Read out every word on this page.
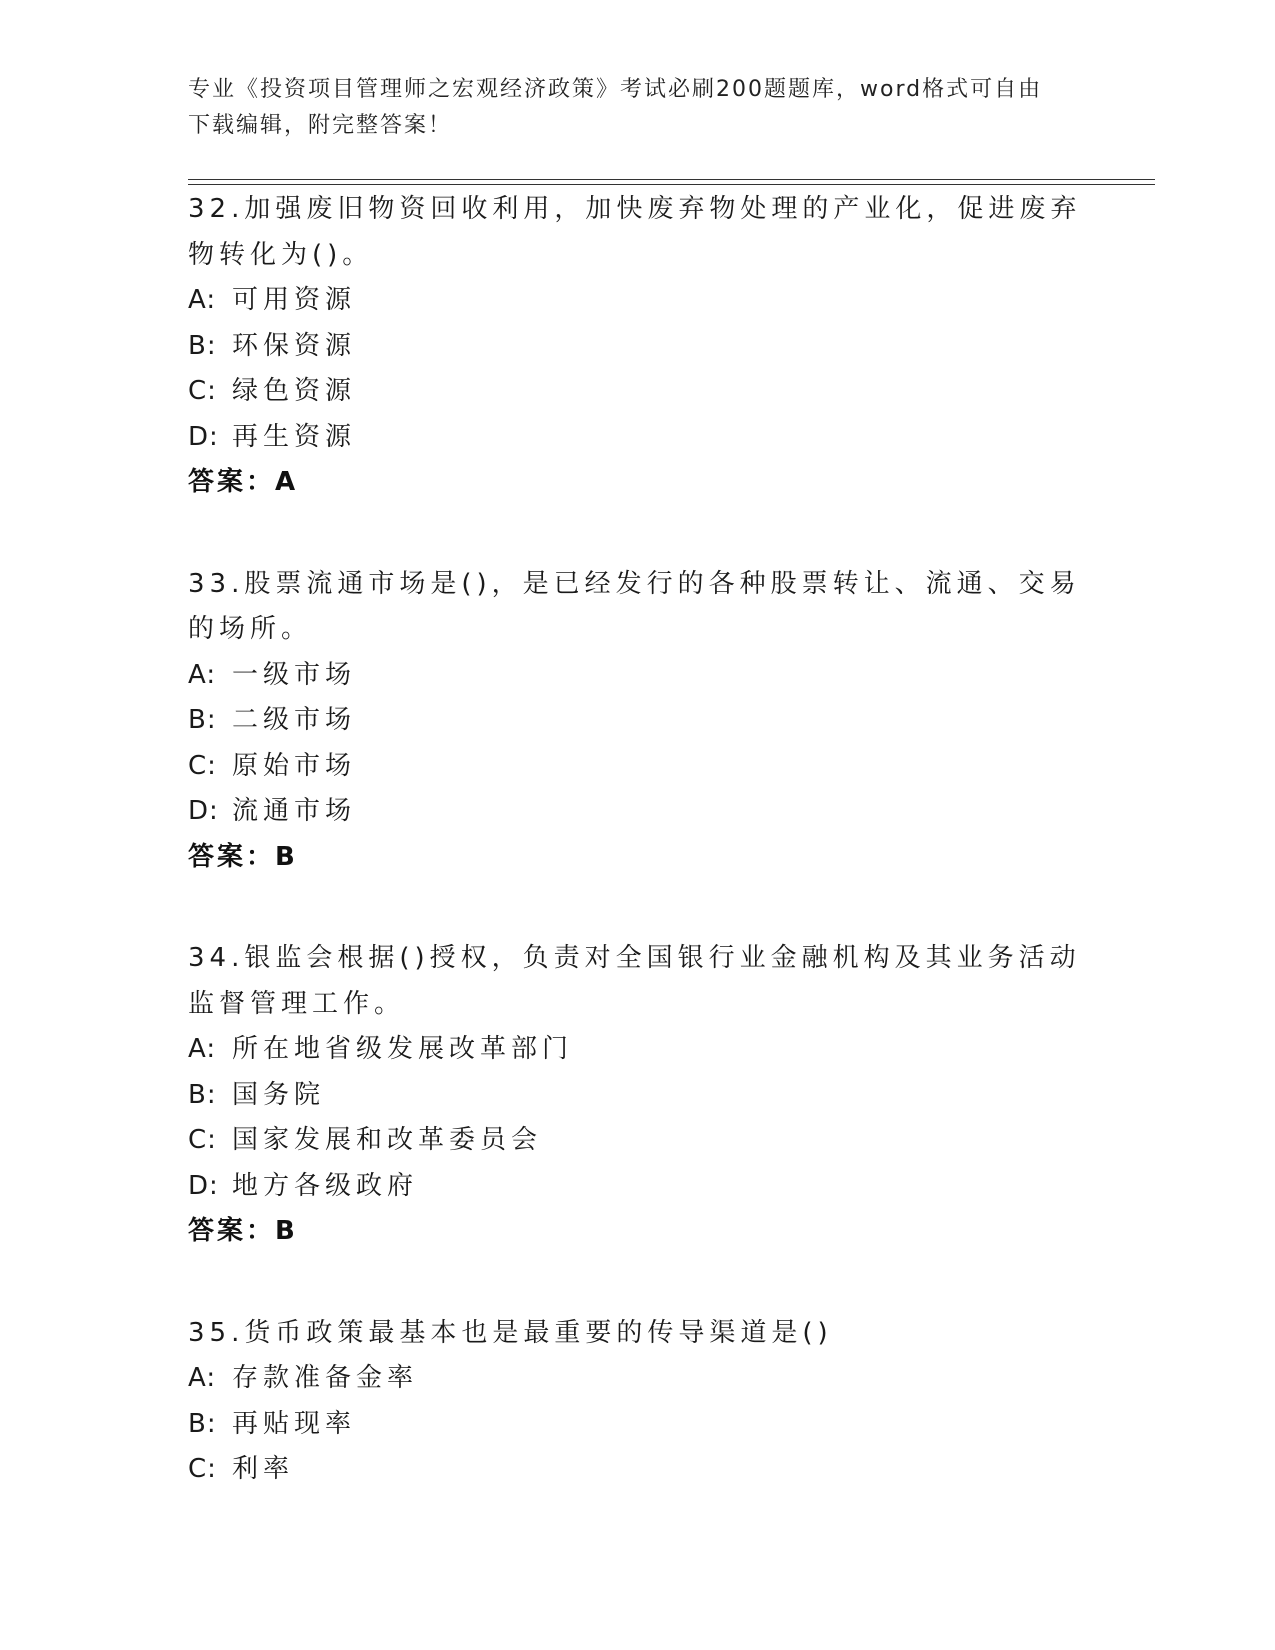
专业《投资项目管理师之宏观经济政策》考试必刷200题题库，word格式可自由

下载编辑，附完整答案！

32.加强废旧物资回收利用，加快废弃物处理的产业化，促进废弃物转化为()。

A: 可用资源

B: 环保资源

C: 绿色资源

D: 再生资源

答案：A

33.股票流通市场是()，是已经发行的各种股票转让、流通、交易的场所。

A: 一级市场

B: 二级市场

C: 原始市场

D: 流通市场

答案：B

34.银监会根据()授权，负责对全国银行业金融机构及其业务活动监督管理工作。

A: 所在地省级发展改革部门

B: 国务院

C: 国家发展和改革委员会

D: 地方各级政府

答案：B

35.货币政策最基本也是最重要的传导渠道是()

A: 存款准备金率

B: 再贴现率

C: 利率
